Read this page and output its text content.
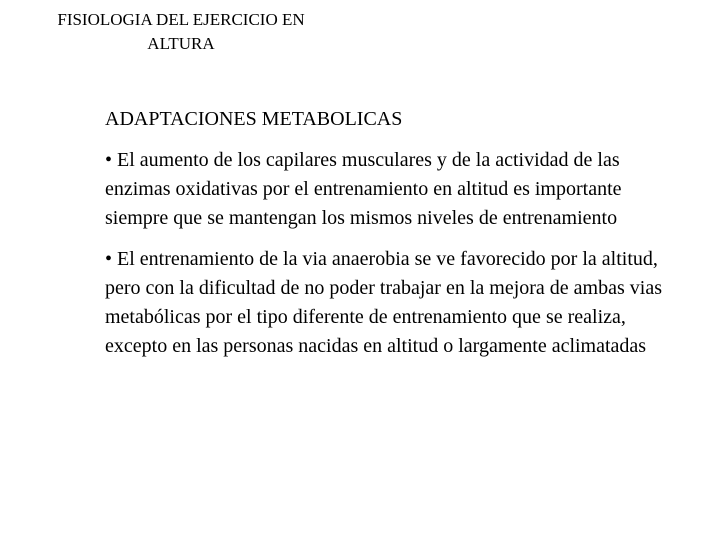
FISIOLOGIA DEL EJERCICIO EN
ALTURA
ADAPTACIONES METABOLICAS
• El aumento de los capilares musculares y de la actividad de las enzimas oxidativas por el entrenamiento en altitud es importante siempre que se mantengan los mismos niveles de entrenamiento
• El entrenamiento de la via anaerobia se ve favorecido por la altitud, pero con la dificultad de no poder trabajar en la mejora de ambas vias metabólicas por el tipo diferente de entrenamiento que se realiza, excepto en las personas nacidas en altitud o largamente aclimatadas
